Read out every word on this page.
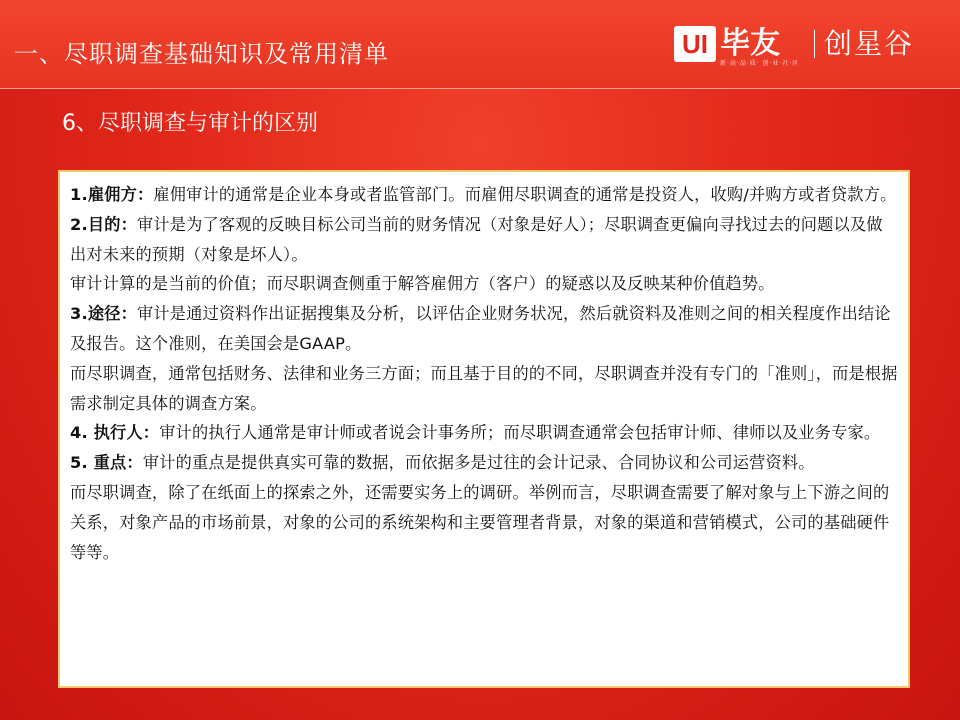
一、尽职调查基础知识及常用清单	UI 毕友
新·高·品·质· 创·业·社·区
创星谷
6、尽职调查与审计的区别

1.雇佣方：雇佣审计的通常是企业本身或者监管部门。而雇佣尽职调查的通常是投资人，收购/并购方或者贷款方。

2.目的：审计是为了客观的反映目标公司当前的财务情况（对象是好人）；尽职调查更偏向寻找过去的问题以及做出对未来的预期（对象是坏人）。

审计计算的是当前的价值；而尽职调查侧重于解答雇佣方（客户）的疑惑以及反映某种价值趋势。

3.途径：审计是通过资料作出证据搜集及分析，以评估企业财务状况，然后就资料及准则之间的相关程度作出结论及报告。这个准则，在美国会是GAAP。

而尽职调查，通常包括财务、法律和业务三方面；而且基于目的的不同，尽职调查并没有专门的「准则」，而是根据需求制定具体的调查方案。

4. 执行人：审计的执行人通常是审计师或者说会计事务所；而尽职调查通常会包括审计师、律师以及业务专家。

5. 重点：审计的重点是提供真实可靠的数据，而依据多是过往的会计记录、合同协议和公司运营资料。

而尽职调查，除了在纸面上的探索之外，还需要实务上的调研。举例而言，尽职调查需要了解对象与上下游之间的关系，对象产品的市场前景，对象的公司的系统架构和主要管理者背景，对象的渠道和营销模式，公司的基础硬件等等。
